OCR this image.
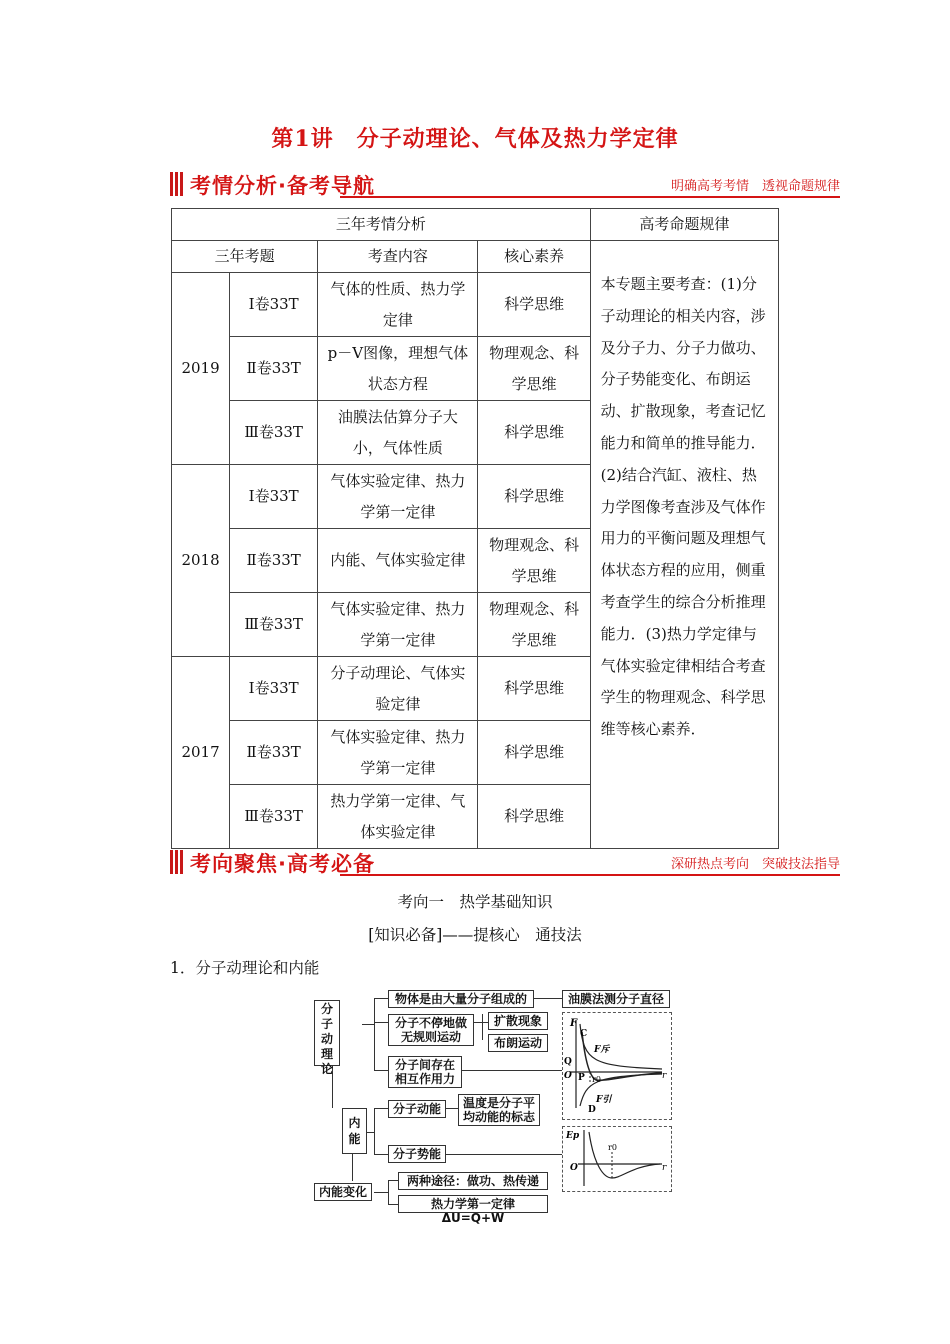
第1讲　分子动理论、气体及热力学定律
考情分析·备考导航	明确高考考情　透视命题规律
三年考情分析				高考命题规律
三年考题		考查内容	核心素养	本专题主要考查：(1)分子动理论的相关内容，涉及分子力、分子力做功、分子势能变化、布朗运动、扩散现象，考查记忆能力和简单的推导能力．(2)结合汽缸、液柱、热力学图像考查涉及气体作用力的平衡问题及理想气体状态方程的应用，侧重考查学生的综合分析推理能力．(3)热力学定律与气体实验定律相结合考查学生的物理观念、科学思维等核心素养．
2019	Ⅰ卷33T	气体的性质、热力学定律	科学思维	
	Ⅱ卷33T	p－V图像，理想气体状态方程	物理观念、科学思维	
	Ⅲ卷33T	油膜法估算分子大小，气体性质	科学思维	
2018	Ⅰ卷33T	气体实验定律、热力学第一定律	科学思维	
	Ⅱ卷33T	内能、气体实验定律	物理观念、科学思维	
	Ⅲ卷33T	气体实验定律、热力学第一定律	物理观念、科学思维	
2017	Ⅰ卷33T	分子动理论、气体实验定律	科学思维	
	Ⅱ卷33T	气体实验定律、热力学第一定律	科学思维	
	Ⅲ卷33T	热力学第一定律、气体实验定律	科学思维	
考向聚焦·高考必备	深研热点考向　突破技法指导
考向一　热学基础知识
[知识必备]——提核心　通技法
1．分子动理论和内能
分子动理论
物体是由大量分子组成的	油膜法测分子直径
分子不停地做无规则运动
扩散现象
布朗运动
分子间存在相互作用力
内能
分子动能	温度是分子平均动能的标志
分子势能
内能变化
两种途径：做功、热传递
热力学第一定律ΔU=Q+W
F
C
F斥
Q
O P r0	r
F引
D
Ep
O
r0
r
